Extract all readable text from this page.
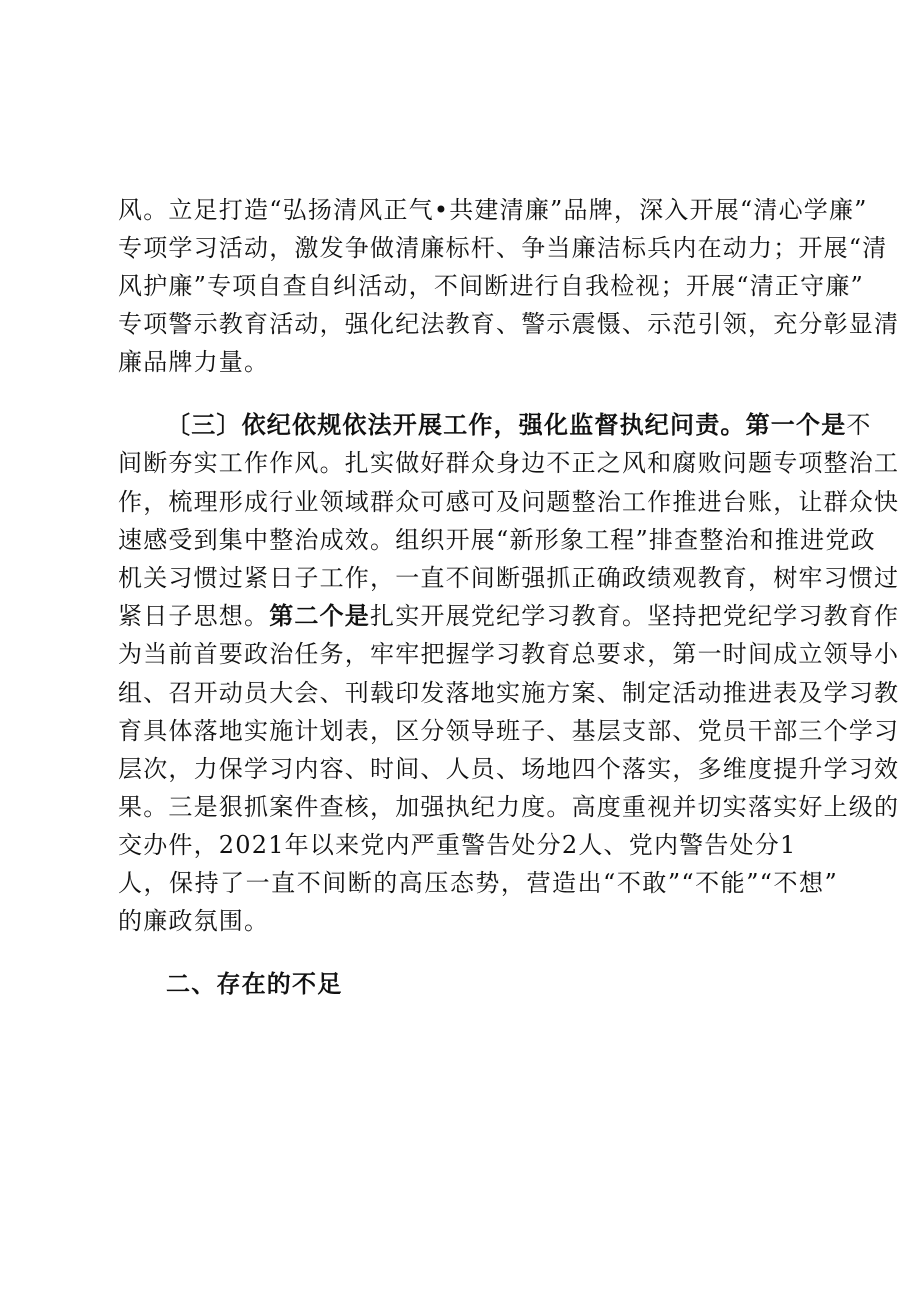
风。立足打造“弘扬清风正气•共建清廉”品牌，深入开展“清心学廉”
专项学习活动，激发争做清廉标杆、争当廉洁标兵内在动力；开展“清
风护廉”专项自查自纠活动，不间断进行自我检视；开展“清正守廉”
专项警示教育活动，强化纪法教育、警示震慑、示范引领，充分彰显清
廉品牌力量。
〔三〕依纪依规依法开展工作，强化监督执纪问责。第一个是不
间断夯实工作作风。扎实做好群众身边不正之风和腐败问题专项整治工
作，梳理形成行业领域群众可感可及问题整治工作推进台账，让群众快
速感受到集中整治成效。组织开展“新形象工程”排查整治和推进党政
机关习惯过紧日子工作，一直不间断强抓正确政绩观教育，树牢习惯过
紧日子思想。第二个是扎实开展党纪学习教育。坚持把党纪学习教育作
为当前首要政治任务，牢牢把握学习教育总要求，第一时间成立领导小
组、召开动员大会、刊载印发落地实施方案、制定活动推进表及学习教
育具体落地实施计划表，区分领导班子、基层支部、党员干部三个学习
层次，力保学习内容、时间、人员、场地四个落实，多维度提升学习效
果。三是狠抓案件查核，加强执纪力度。高度重视并切实落实好上级的
交办件，2021年以来党内严重警告处分2人、党内警告处分1
人，保持了一直不间断的高压态势，营造出“不敢”“不能”“不想”
的廉政氛围。
二、存在的不足
